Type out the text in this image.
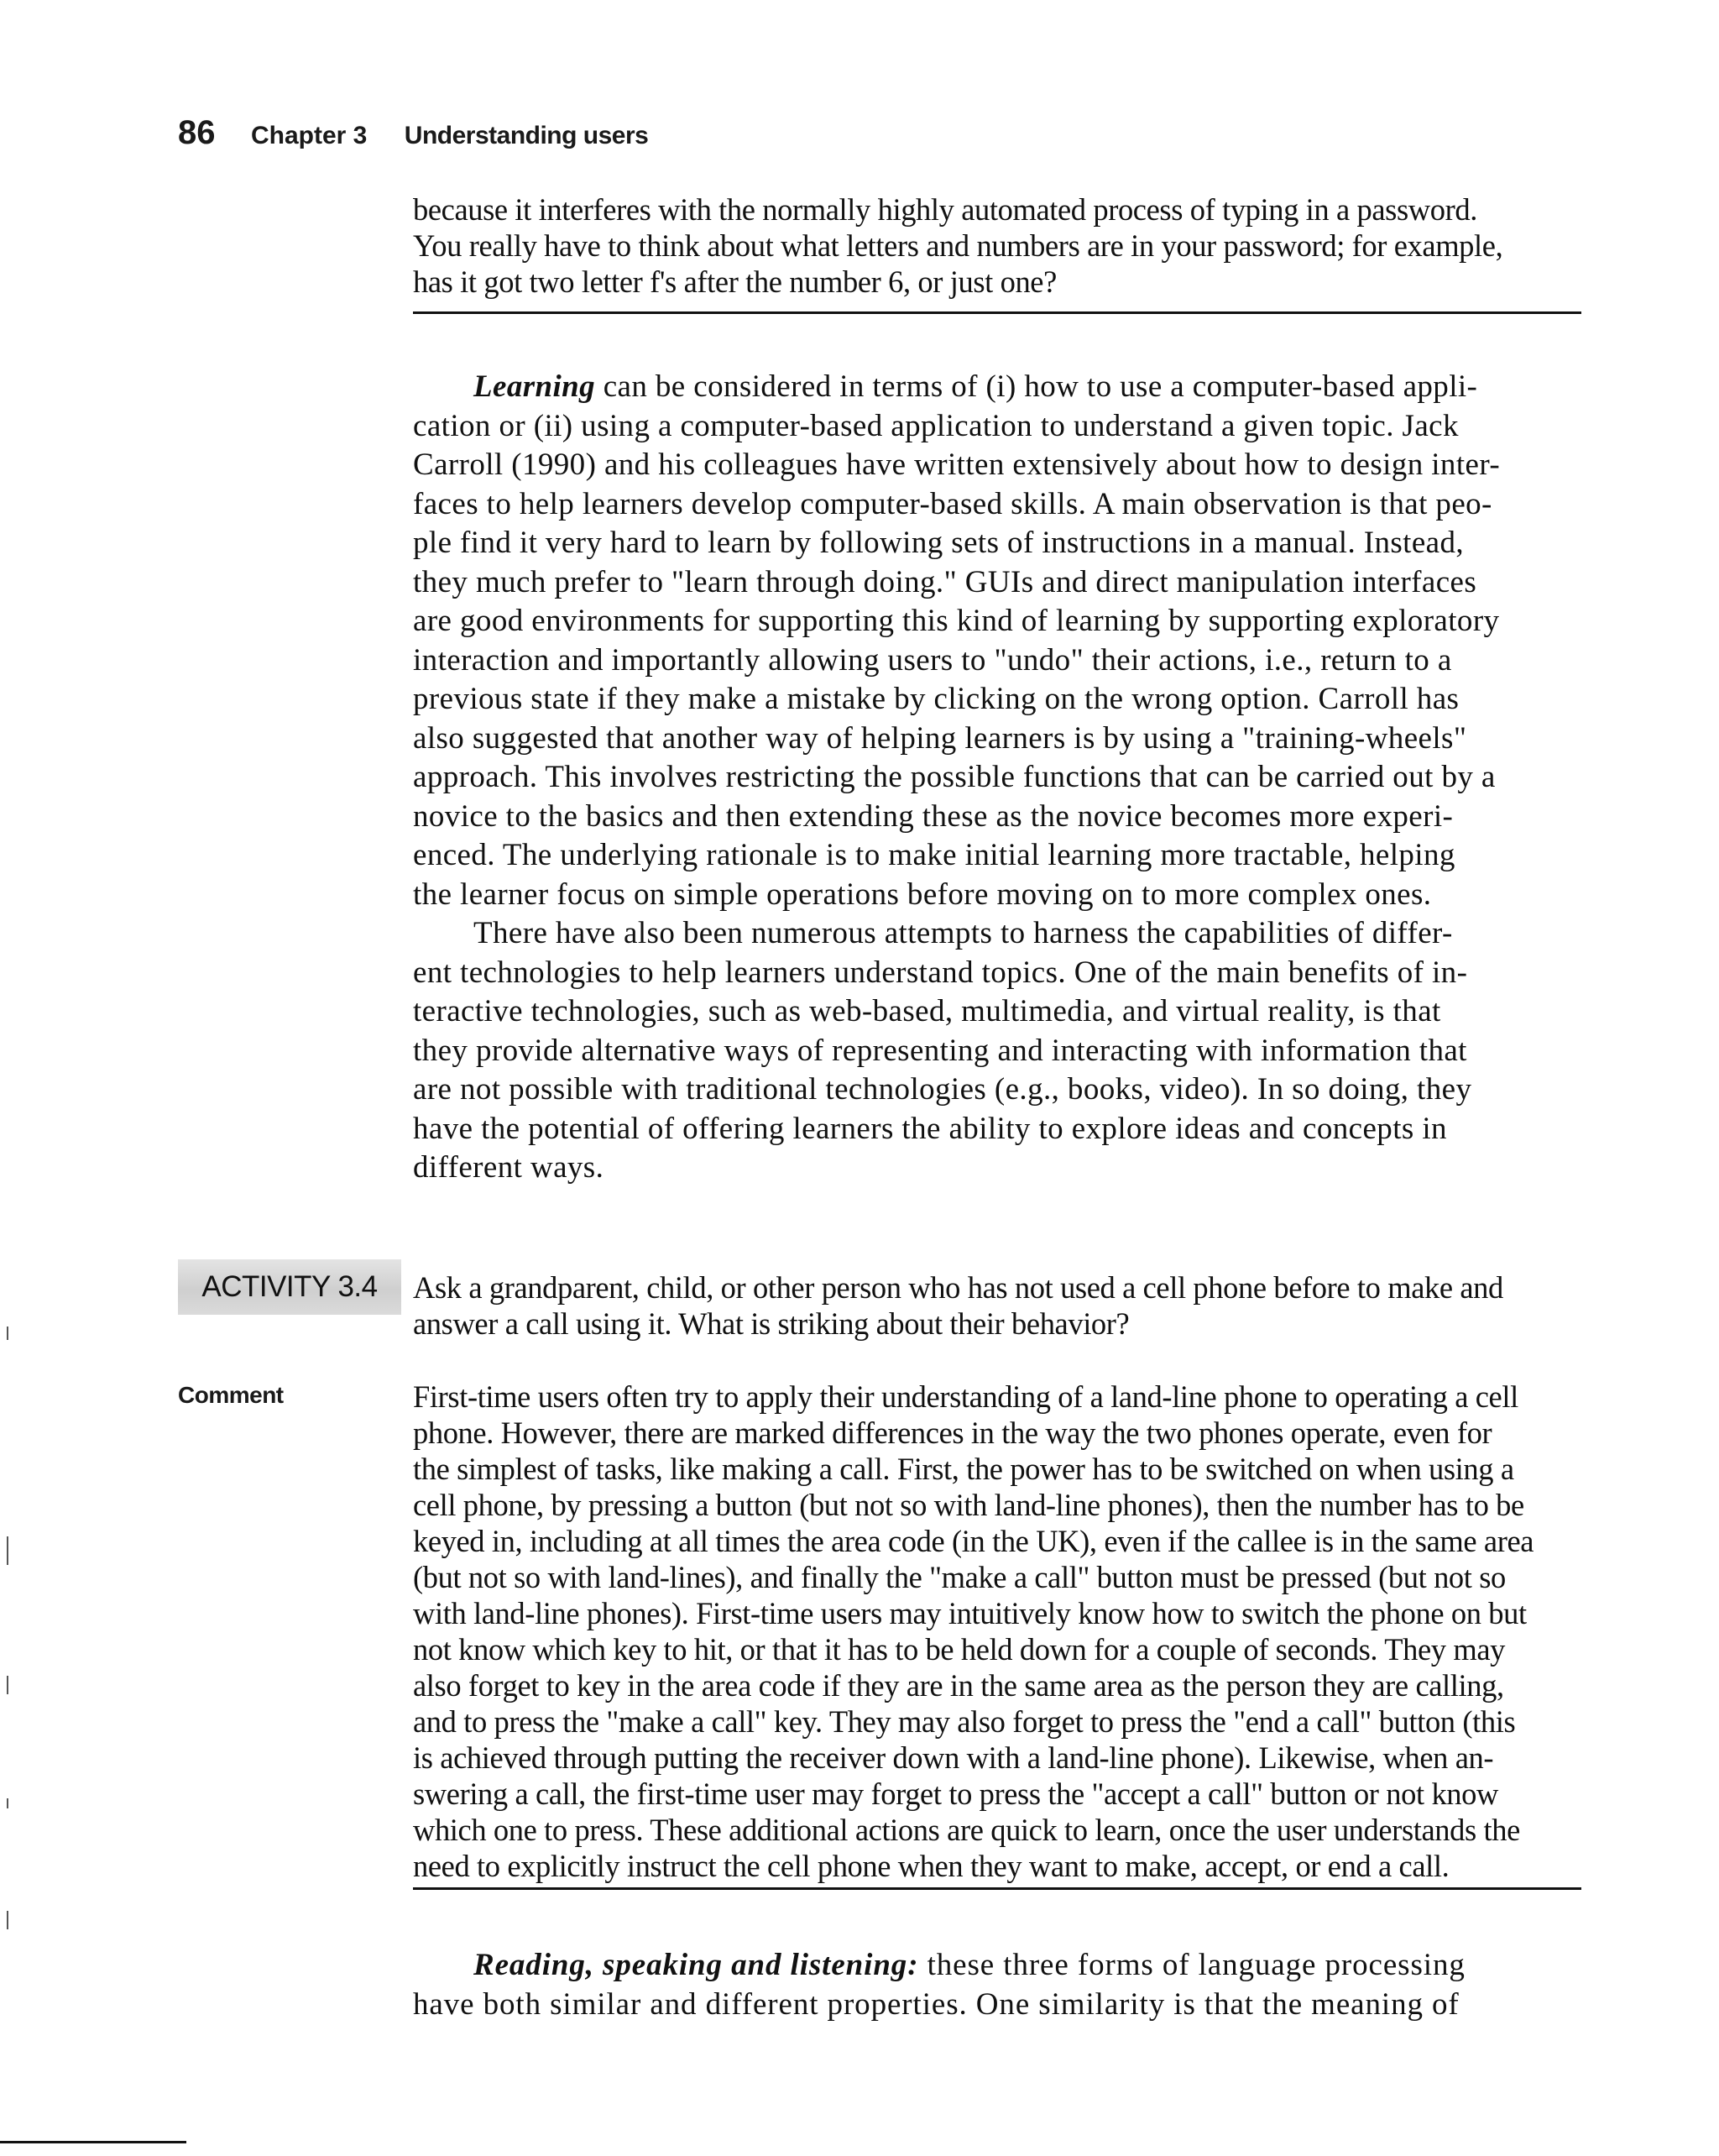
86 Chapter 3 Understanding users
because it interferes with the normally highly automated process of typing in a password.
You really have to think about what letters and numbers are in your password; for example,
has it got two letter f's after the number 6, or just one?
Learning can be considered in terms of (i) how to use a computer-based appli-
cation or (ii) using a computer-based application to understand a given topic. Jack
Carroll (1990) and his colleagues have written extensively about how to design inter-
faces to help learners develop computer-based skills. A main observation is that peo-
ple find it very hard to learn by following sets of instructions in a manual. Instead,
they much prefer to "learn through doing." GUIs and direct manipulation interfaces
are good environments for supporting this kind of learning by supporting exploratory
interaction and importantly allowing users to "undo" their actions, i.e., return to a
previous state if they make a mistake by clicking on the wrong option. Carroll has
also suggested that another way of helping learners is by using a "training-wheels"
approach. This involves restricting the possible functions that can be carried out by a
novice to the basics and then extending these as the novice becomes more experi-
enced. The underlying rationale is to make initial learning more tractable, helping
the learner focus on simple operations before moving on to more complex ones.
There have also been numerous attempts to harness the capabilities of differ-
ent technologies to help learners understand topics. One of the main benefits of in-
teractive technologies, such as web-based, multimedia, and virtual reality, is that
they provide alternative ways of representing and interacting with information that
are not possible with traditional technologies (e.g., books, video). In so doing, they
have the potential of offering learners the ability to explore ideas and concepts in
different ways.
ACTIVITY 3.4 Ask a grandparent, child, or other person who has not used a cell phone before to make and
answer a call using it. What is striking about their behavior?
Comment	First-time users often try to apply their understanding of a land-line phone to operating a cell
phone. However, there are marked differences in the way the two phones operate, even for
the simplest of tasks, like making a call. First, the power has to be switched on when using a
cell phone, by pressing a button (but not so with land-line phones), then the number has to be
keyed in, including at all times the area code (in the UK), even if the callee is in the same area
(but not so with land-lines), and finally the "make a call" button must be pressed (but not so
with land-line phones). First-time users may intuitively know how to switch the phone on but
not know which key to hit, or that it has to be held down for a couple of seconds. They may
also forget to key in the area code if they are in the same area as the person they are calling,
and to press the "make a call" key. They may also forget to press the "end a call" button (this
is achieved through putting the receiver down with a land-line phone). Likewise, when an-
swering a call, the first-time user may forget to press the "accept a call" button or not know
which one to press. These additional actions are quick to learn, once the user understands the
need to explicitly instruct the cell phone when they want to make, accept, or end a call.
Reading, speaking and listening: these three forms of language processing
have both similar and different properties. One similarity is that the meaning of
